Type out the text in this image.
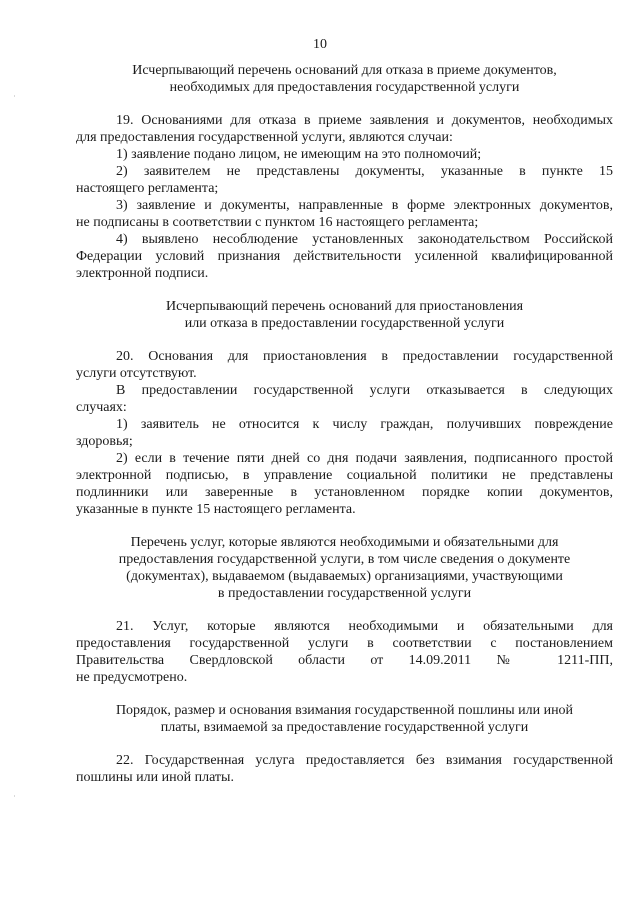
10
Исчерпывающий перечень оснований для отказа в приеме документов,
необходимых для предоставления государственной услуги
19. Основаниями для отказа в приеме заявления и документов, необходимых
для предоставления государственной услуги, являются случаи:
1) заявление подано лицом, не имеющим на это полномочий;
2) заявителем не представлены документы, указанные в пункте 15
настоящего регламента;
3) заявление и документы, направленные в форме электронных документов,
не подписаны в соответствии с пунктом 16 настоящего регламента;
4) выявлено несоблюдение установленных законодательством Российской
Федерации условий признания действительности усиленной квалифицированной
электронной подписи.
Исчерпывающий перечень оснований для приостановления
или отказа в предоставлении государственной услуги
20. Основания для приостановления в предоставлении государственной
услуги отсутствуют.
В предоставлении государственной услуги отказывается в следующих
случаях:
1) заявитель не относится к числу граждан, получивших повреждение
здоровья;
2) если в течение пяти дней со дня подачи заявления, подписанного простой
электронной подписью, в управление социальной политики не представлены
подлинники или заверенные в установленном порядке копии документов,
указанные в пункте 15 настоящего регламента.
Перечень услуг, которые являются необходимыми и обязательными для
предоставления государственной услуги, в том числе сведения о документе
(документах), выдаваемом (выдаваемых) организациями, участвующими
в предоставлении государственной услуги
21. Услуг, которые являются необходимыми и обязательными для
предоставления государственной услуги в соответствии с постановлением
Правительства Свердловской области от 14.09.2011 № 1211-ПП,
не предусмотрено.
Порядок, размер и основания взимания государственной пошлины или иной
платы, взимаемой за предоставление государственной услуги
22. Государственная услуга предоставляется без взимания государственной
пошлины или иной платы.
